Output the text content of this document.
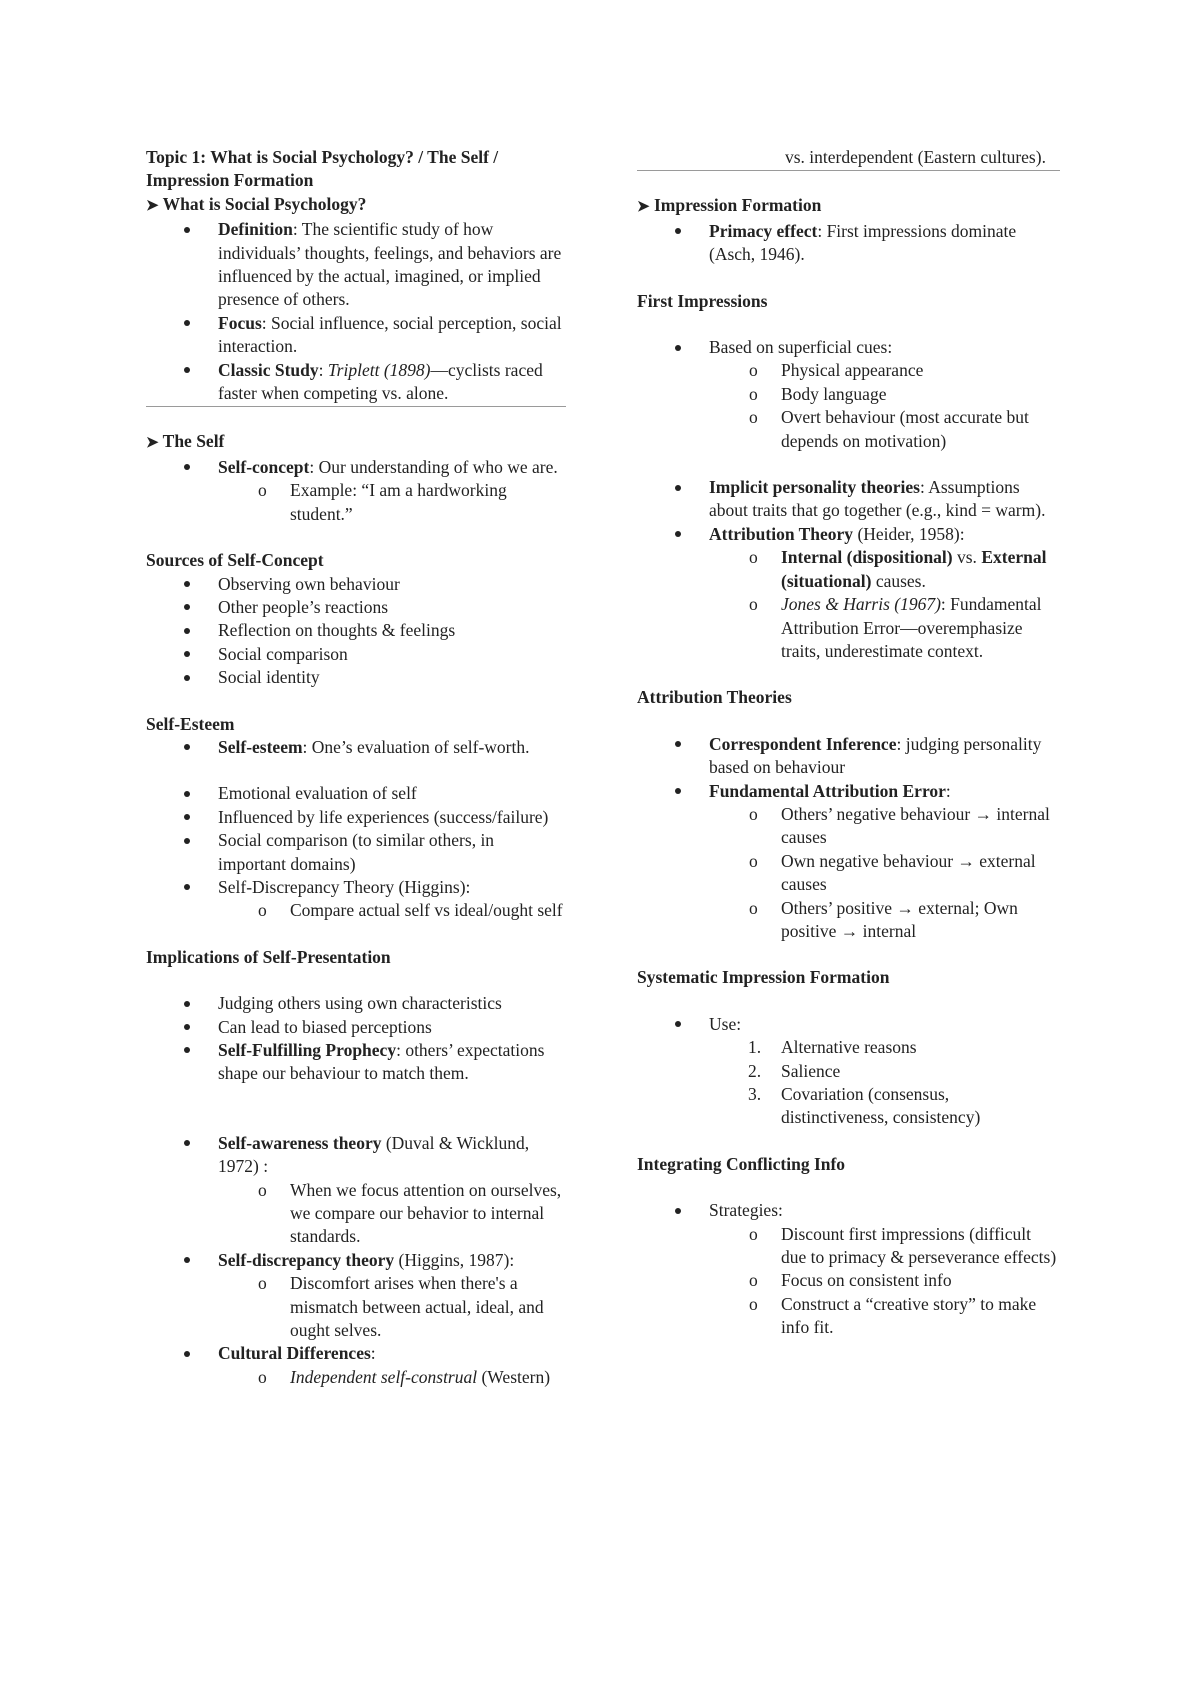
Topic 1: What is Social Psychology? / The Self / Impression Formation
➤ What is Social Psychology?
Definition: The scientific study of how individuals’ thoughts, feelings, and behaviors are influenced by the actual, imagined, or implied presence of others.
Focus: Social influence, social perception, social interaction.
Classic Study: Triplett (1898)—cyclists raced faster when competing vs. alone.
➤ The Self
Self-concept: Our understanding of who we are.
o Example: “I am a hardworking student.”
Sources of Self-Concept
Observing own behaviour
Other people’s reactions
Reflection on thoughts & feelings
Social comparison
Social identity
Self-Esteem
Self-esteem: One’s evaluation of self-worth.
Emotional evaluation of self
Influenced by life experiences (success/failure)
Social comparison (to similar others, in important domains)
Self-Discrepancy Theory (Higgins):
o Compare actual self vs ideal/ought self
Implications of Self-Presentation
Judging others using own characteristics
Can lead to biased perceptions
Self-Fulfilling Prophecy: others’ expectations shape our behaviour to match them.
Self-awareness theory (Duval & Wicklund, 1972) :
o When we focus attention on ourselves, we compare our behavior to internal standards.
Self-discrepancy theory (Higgins, 1987):
o Discomfort arises when there's a mismatch between actual, ideal, and ought selves.
Cultural Differences:
o Independent self-construal (Western)
vs. interdependent (Eastern cultures).
➤ Impression Formation
Primacy effect: First impressions dominate (Asch, 1946).
First Impressions
Based on superficial cues:
o Physical appearance
o Body language
o Overt behaviour (most accurate but depends on motivation)
Implicit personality theories: Assumptions about traits that go together (e.g., kind = warm).
Attribution Theory (Heider, 1958):
o Internal (dispositional) vs. External (situational) causes.
o Jones & Harris (1967): Fundamental Attribution Error—overemphasize traits, underestimate context.
Attribution Theories
Correspondent Inference: judging personality based on behaviour
Fundamental Attribution Error:
o Others’ negative behaviour → internal causes
o Own negative behaviour → external causes
o Others’ positive → external; Own positive → internal
Systematic Impression Formation
Use:
1. Alternative reasons
2. Salience
3. Covariation (consensus, distinctiveness, consistency)
Integrating Conflicting Info
Strategies:
o Discount first impressions (difficult due to primacy & perseverance effects)
o Focus on consistent info
o Construct a “creative story” to make info fit.
